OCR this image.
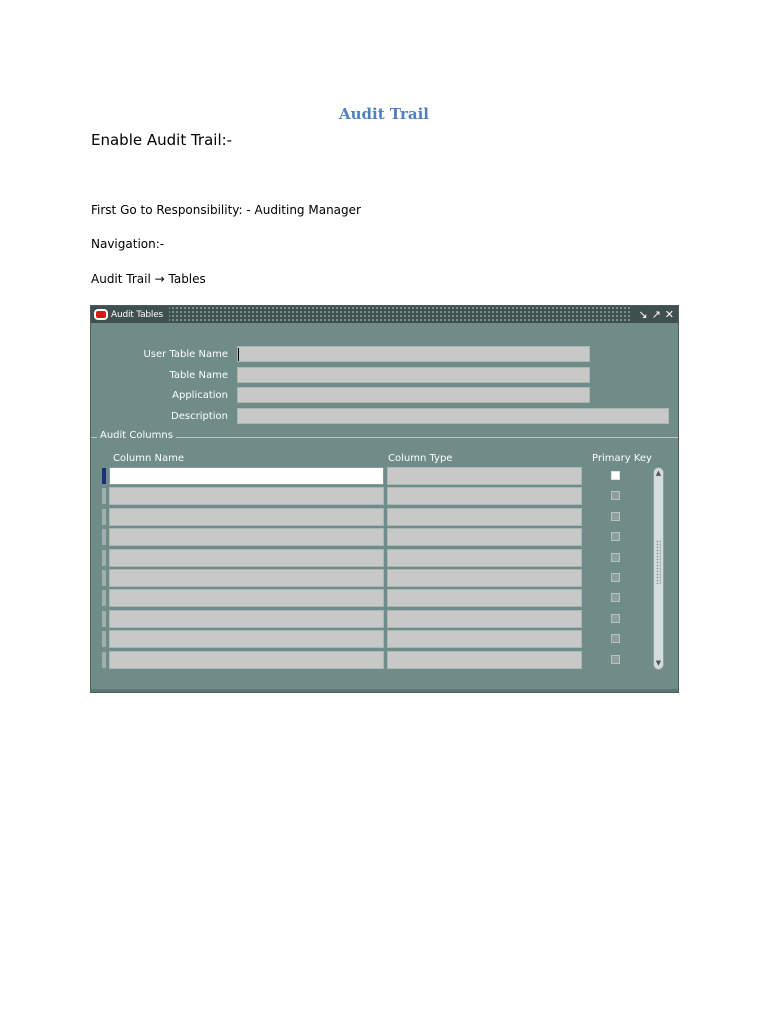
Audit Trail
Enable Audit Trail:-
First Go to Responsibility: - Auditing Manager
Navigation:-
Audit Trail → Tables
Audit Tables	↘ ↗ ✕
User Table Name
Table Name
Application
Description
Audit Columns
Column Name	Column Type	Primary Key
▲
▼
